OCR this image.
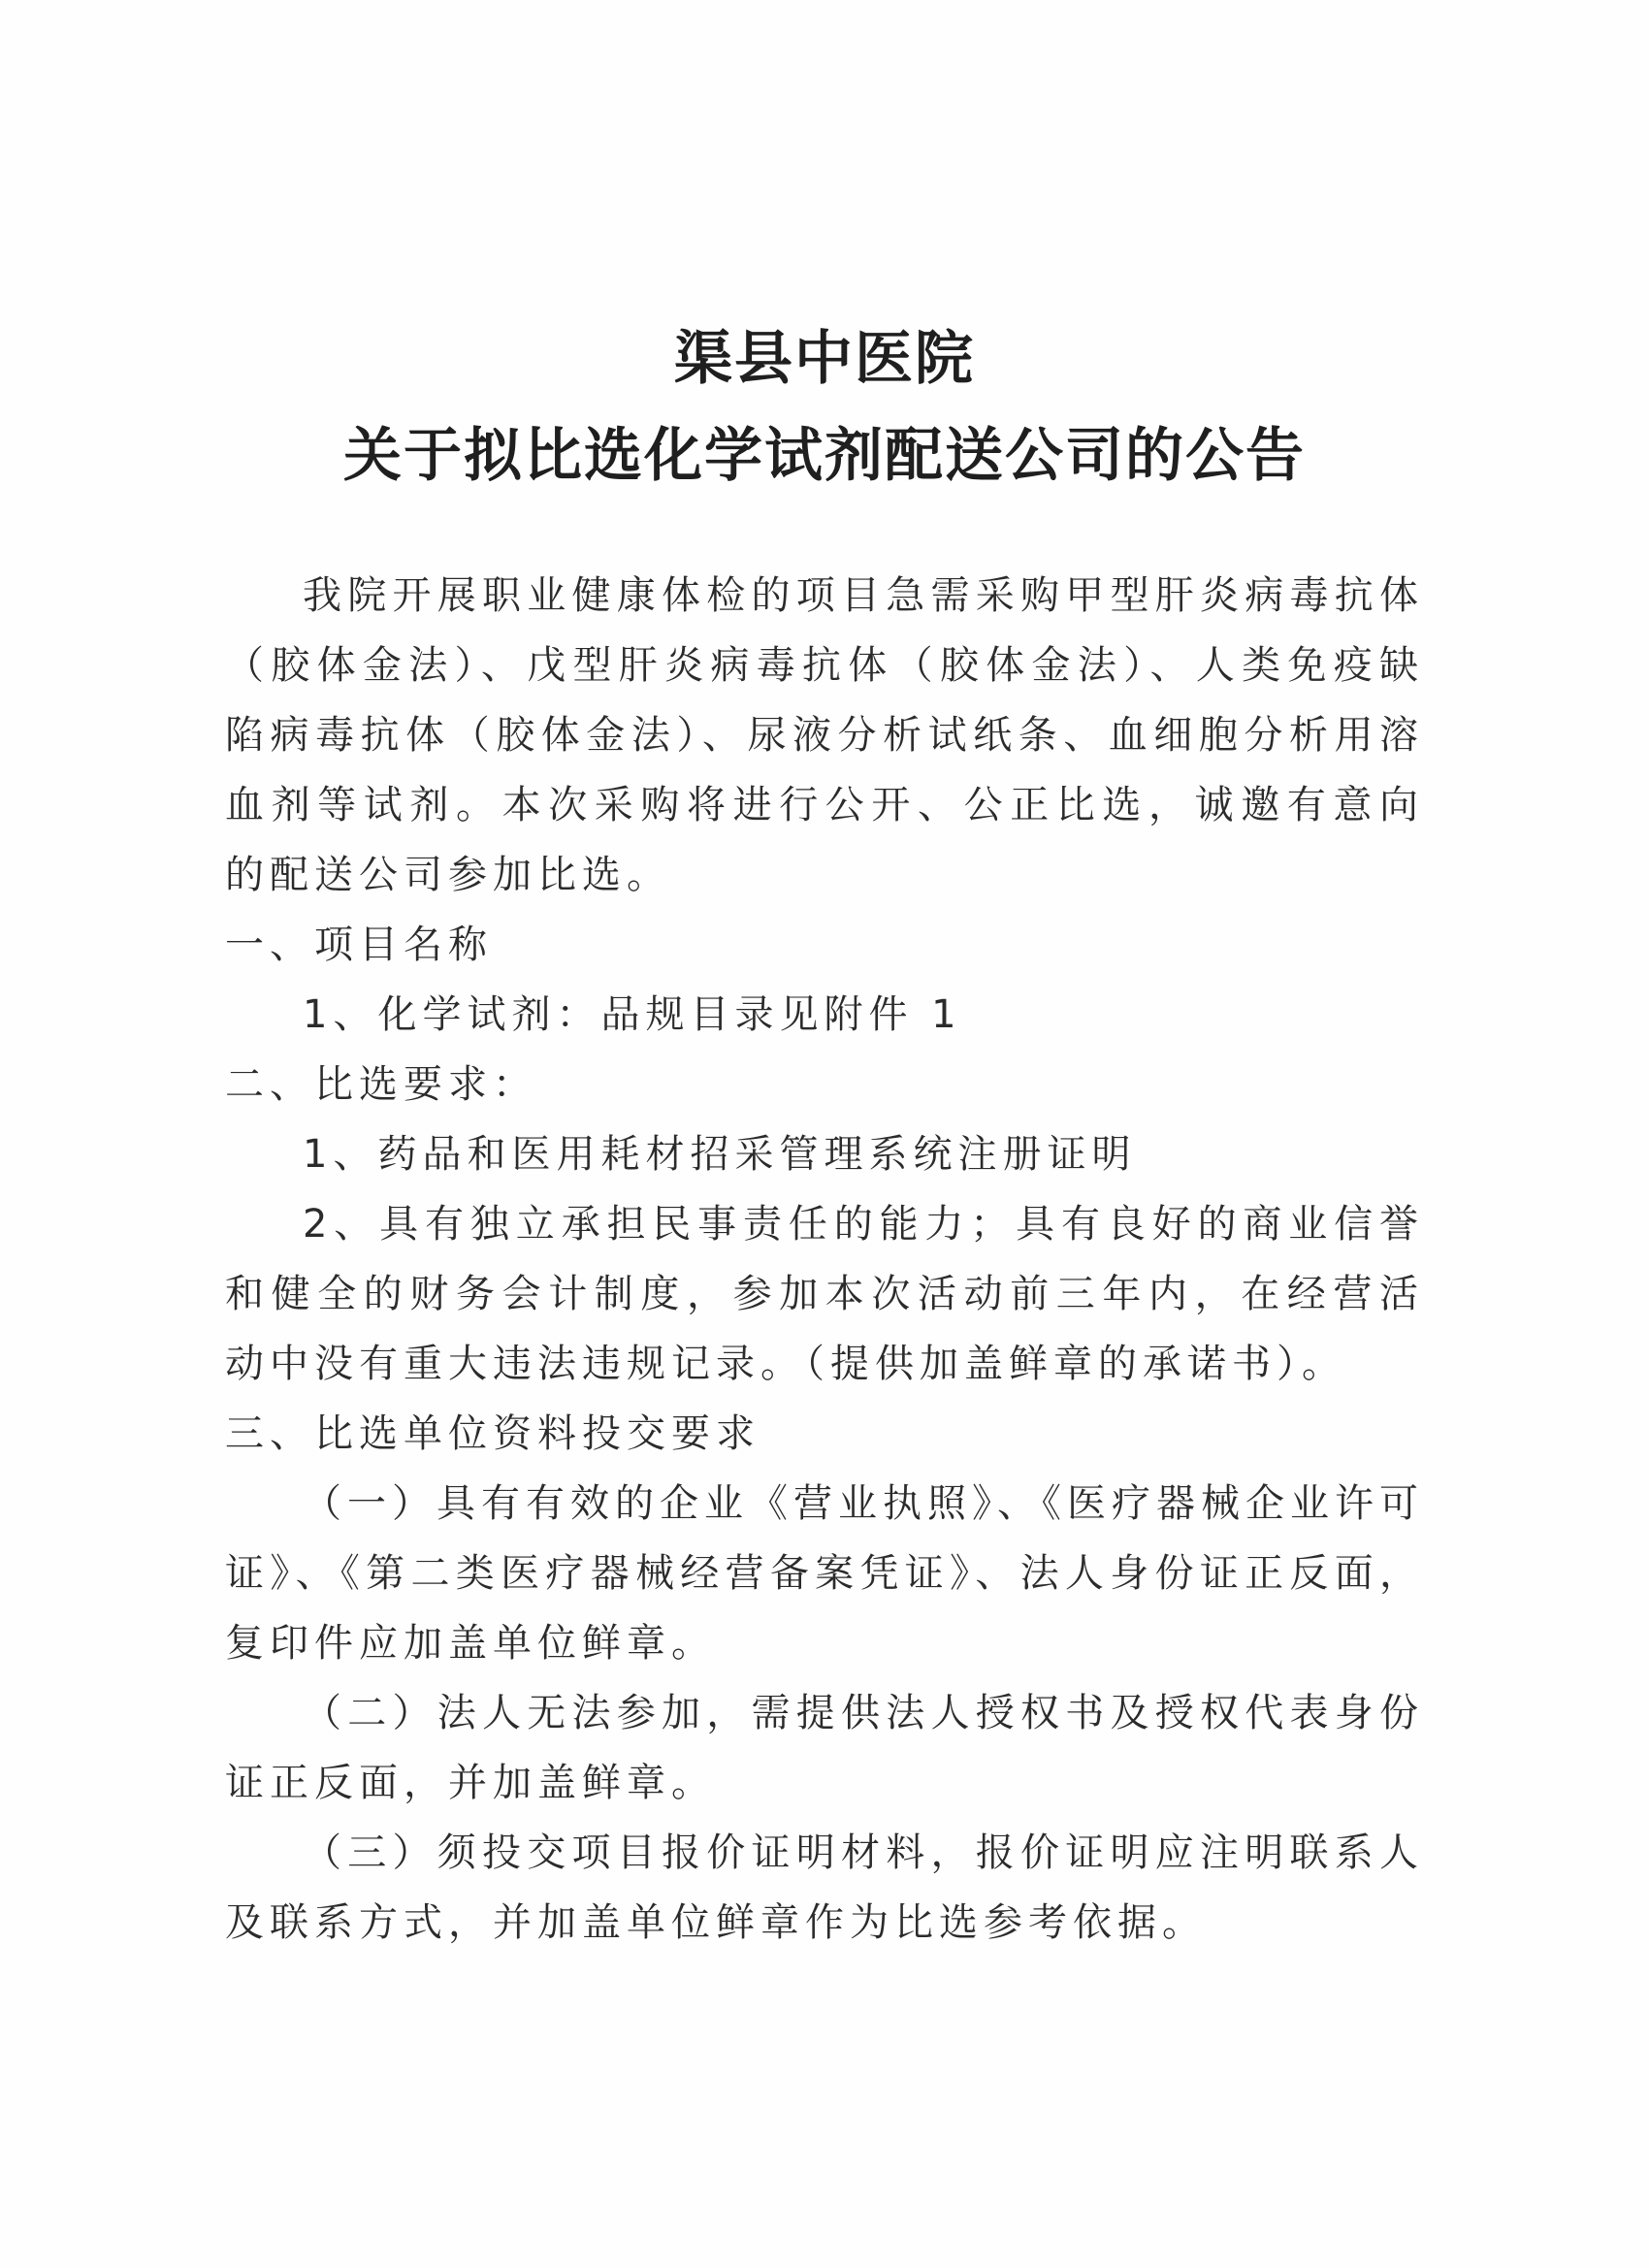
渠县中医院
关于拟比选化学试剂配送公司的公告

我院开展职业健康体检的项目急需采购甲型肝炎病毒抗体（胶体金法）、戊型肝炎病毒抗体（胶体金法）、人类免疫缺陷病毒抗体（胶体金法）、尿液分析试纸条、血细胞分析用溶血剂等试剂。本次采购将进行公开、公正比选，诚邀有意向的配送公司参加比选。

一、项目名称

1、化学试剂：品规目录见附件 1

二、比选要求：

1、药品和医用耗材招采管理系统注册证明

2、具有独立承担民事责任的能力；具有良好的商业信誉和健全的财务会计制度，参加本次活动前三年内，在经营活动中没有重大违法违规记录。（提供加盖鲜章的承诺书）。

三、比选单位资料投交要求

（一）具有有效的企业《营业执照》、《医疗器械企业许可证》、《第二类医疗器械经营备案凭证》、法人身份证正反面，复印件应加盖单位鲜章。

（二）法人无法参加，需提供法人授权书及授权代表身份证正反面，并加盖鲜章。

（三）须投交项目报价证明材料，报价证明应注明联系人及联系方式，并加盖单位鲜章作为比选参考依据。
